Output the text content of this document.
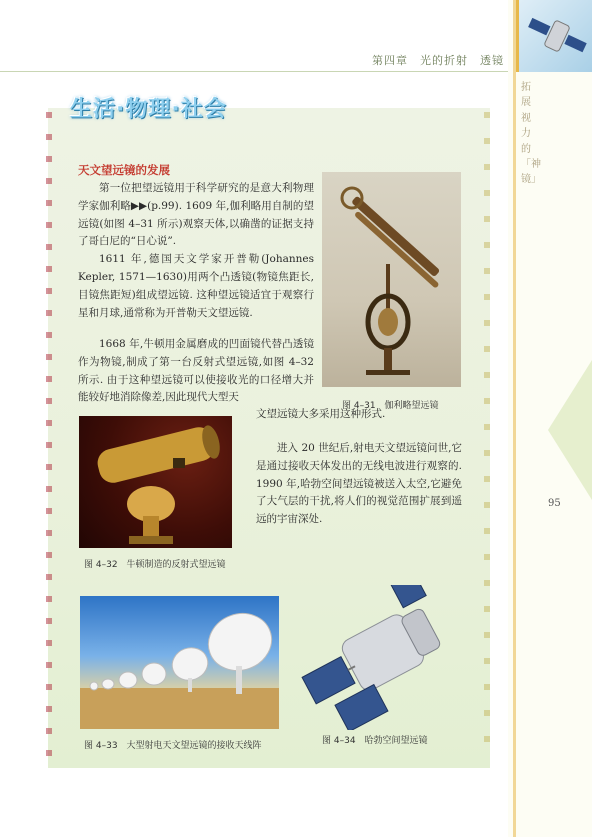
第四章　光的折射　透镜
拓展视力的「神镜」
95
生活·物理·社会
天文望远镜的发展

第一位把望远镜用于科学研究的是意大利物理学家伽利略▶▶(p.99). 1609 年,伽利略用自制的望远镜(如图 4–31 所示)观察天体,以确凿的证据支持了哥白尼的“日心说”.

1611 年,德国天文学家开普勒(Johannes Kepler, 1571—1630)用两个凸透镜(物镜焦距长,目镜焦距短)组成望远镜. 这种望远镜适宜于观察行星和月球,通常称为开普勒天文望远镜.

1668 年,牛顿用金属磨成的凹面镜代替凸透镜作为物镜,制成了第一台反射式望远镜,如图 4–32 所示. 由于这种望远镜可以使接收光的口径增大并能较好地消除像差,因此现代大型天

文望远镜大多采用这种形式.

进入 20 世纪后,射电天文望远镜问世,它是通过接收天体发出的无线电波进行观察的. 1990 年,哈勃空间望远镜被送入太空,它避免了大气层的干扰,将人们的视觉范围扩展到遥远的宇宙深处.

图 4–31　伽利略望远镜
图 4–32　牛顿制造的反射式望远镜
图 4–33　大型射电天文望远镜的接收天线阵	图 4–34　哈勃空间望远镜
